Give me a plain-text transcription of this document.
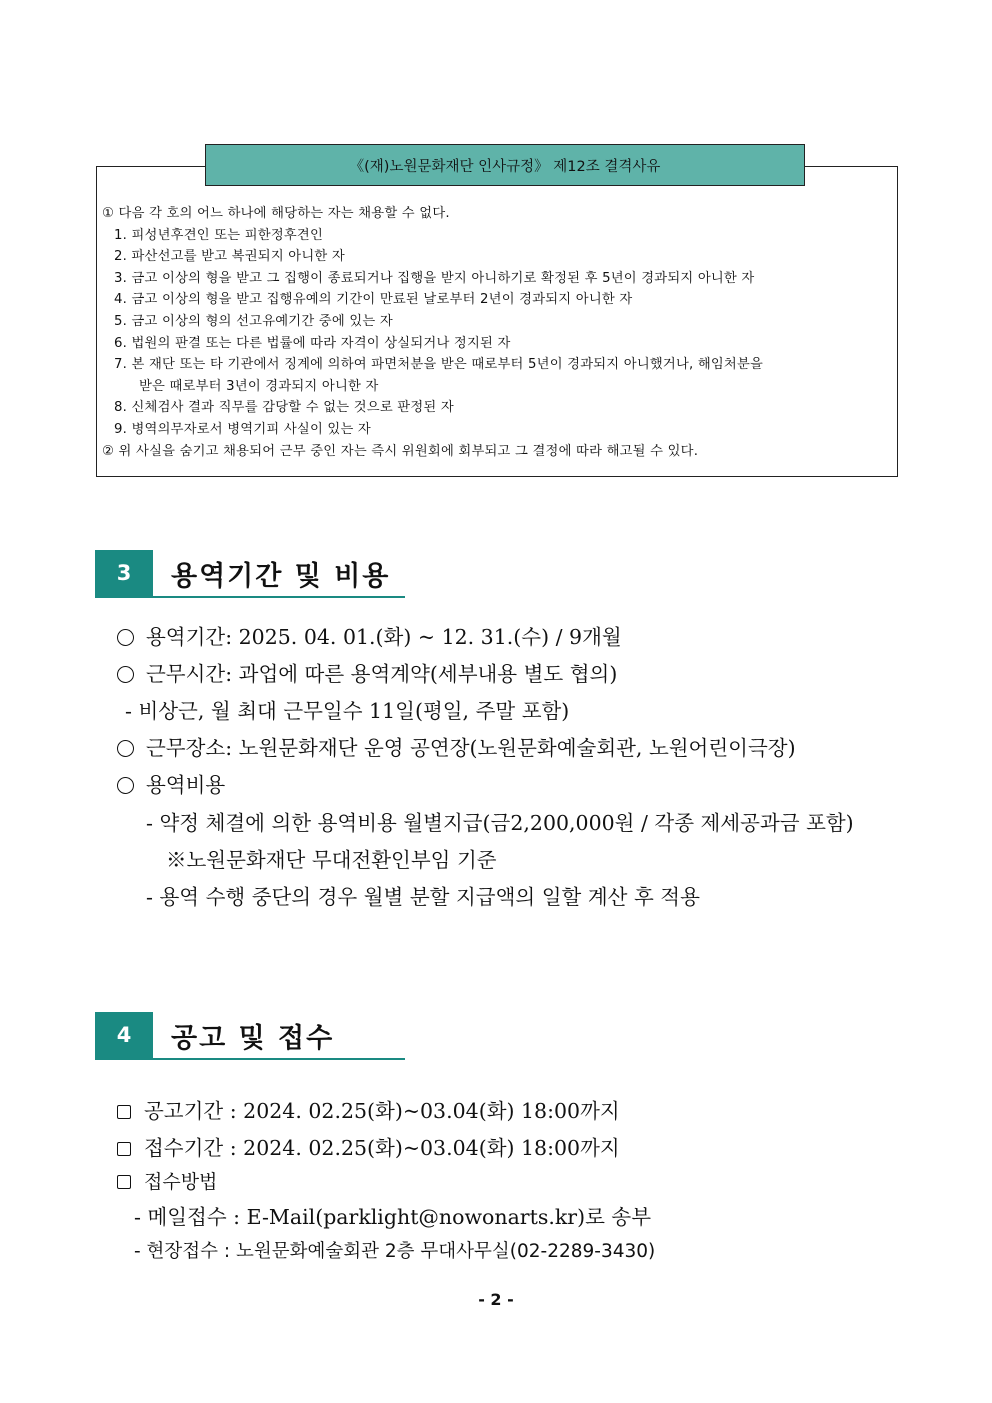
《(재)노원문화재단 인사규정》 제12조 결격사유
① 다음 각 호의 어느 하나에 해당하는 자는 채용할 수 없다.
1. 피성년후견인 또는 피한정후견인
2. 파산선고를 받고 복권되지 아니한 자
3. 금고 이상의 형을 받고 그 집행이 종료되거나 집행을 받지 아니하기로 확정된 후 5년이 경과되지 아니한 자
4. 금고 이상의 형을 받고 집행유예의 기간이 만료된 날로부터 2년이 경과되지 아니한 자
5. 금고 이상의 형의 선고유예기간 중에 있는 자
6. 법원의 판결 또는 다른 법률에 따라 자격이 상실되거나 정지된 자
7. 본 재단 또는 타 기관에서 징계에 의하여 파면처분을 받은 때로부터 5년이 경과되지 아니했거나, 해임처분을
받은 때로부터 3년이 경과되지 아니한 자
8. 신체검사 결과 직무를 감당할 수 없는 것으로 판정된 자
9. 병역의무자로서 병역기피 사실이 있는 자
② 위 사실을 숨기고 채용되어 근무 중인 자는 즉시 위원회에 회부되고 그 결정에 따라 해고될 수 있다.
3	용역기간 및 비용
용역기간: 2025. 04. 01.(화) ~ 12. 31.(수) / 9개월
근무시간: 과업에 따른 용역계약(세부내용 별도 협의)
- 비상근, 월 최대 근무일수 11일(평일, 주말 포함)
근무장소: 노원문화재단 운영 공연장(노원문화예술회관, 노원어린이극장)
용역비용
- 약정 체결에 의한 용역비용 월별지급(금2,200,000원 / 각종 제세공과금 포함)
※노원문화재단 무대전환인부임 기준
- 용역 수행 중단의 경우 월별 분할 지급액의 일할 계산 후 적용
4	공고 및 접수
공고기간 : 2024. 02.25(화)~03.04(화) 18:00까지
접수기간 : 2024. 02.25(화)~03.04(화) 18:00까지
접수방법
- 메일접수 : E-Mail(parklight@nowonarts.kr)로 송부
- 현장접수 : 노원문화예술회관 2층 무대사무실(02-2289-3430)
- 2 -
